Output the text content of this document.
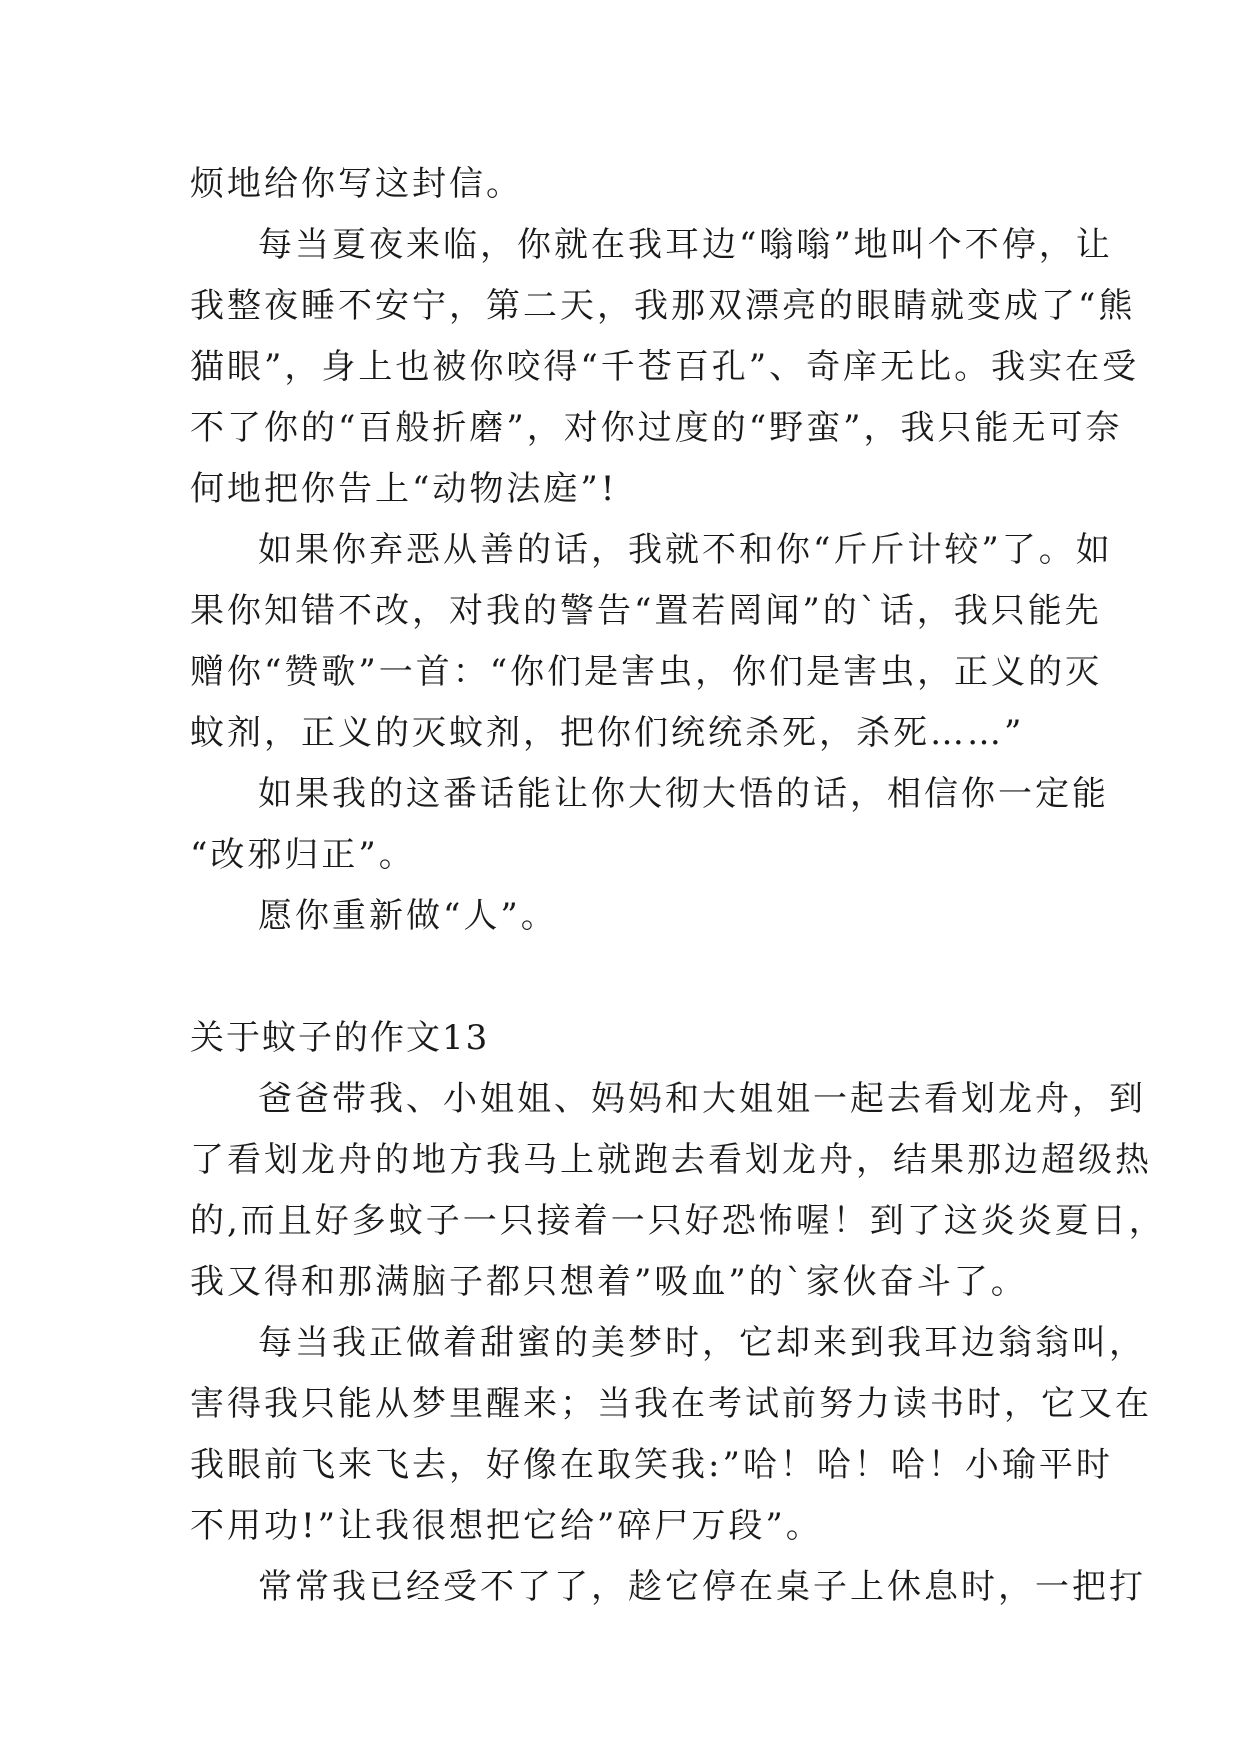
烦地给你写这封信。

每当夏夜来临，你就在我耳边“嗡嗡”地叫个不停，让
我整夜睡不安宁，第二天，我那双漂亮的眼睛就变成了“熊
猫眼”，身上也被你咬得“千苍百孔”、奇庠无比。我实在受
不了你的“百般折磨”，对你过度的“野蛮”，我只能无可奈
何地把你告上“动物法庭”!

如果你弃恶从善的话，我就不和你“斤斤计较”了。如
果你知错不改，对我的警告“置若罔闻”的`话，我只能先
赠你“赞歌”一首：“你们是害虫，你们是害虫，正义的灭
蚊剂，正义的灭蚊剂，把你们统统杀死，杀死……”

如果我的这番话能让你大彻大悟的话，相信你一定能
“改邪归正”。

愿你重新做“人”。

关于蚊子的作文13

爸爸带我、小姐姐、妈妈和大姐姐一起去看划龙舟，到
了看划龙舟的地方我马上就跑去看划龙舟，结果那边超级热
的,而且好多蚊子一只接着一只好恐怖喔！到了这炎炎夏日，
我又得和那满脑子都只想着”吸血”的`家伙奋斗了。

每当我正做着甜蜜的美梦时，它却来到我耳边翁翁叫，
害得我只能从梦里醒来；当我在考试前努力读书时，它又在
我眼前飞来飞去，好像在取笑我:”哈！哈！哈！小瑜平时
不用功!”让我很想把它给”碎尸万段”。

常常我已经受不了了，趁它停在桌子上休息时，一把打
